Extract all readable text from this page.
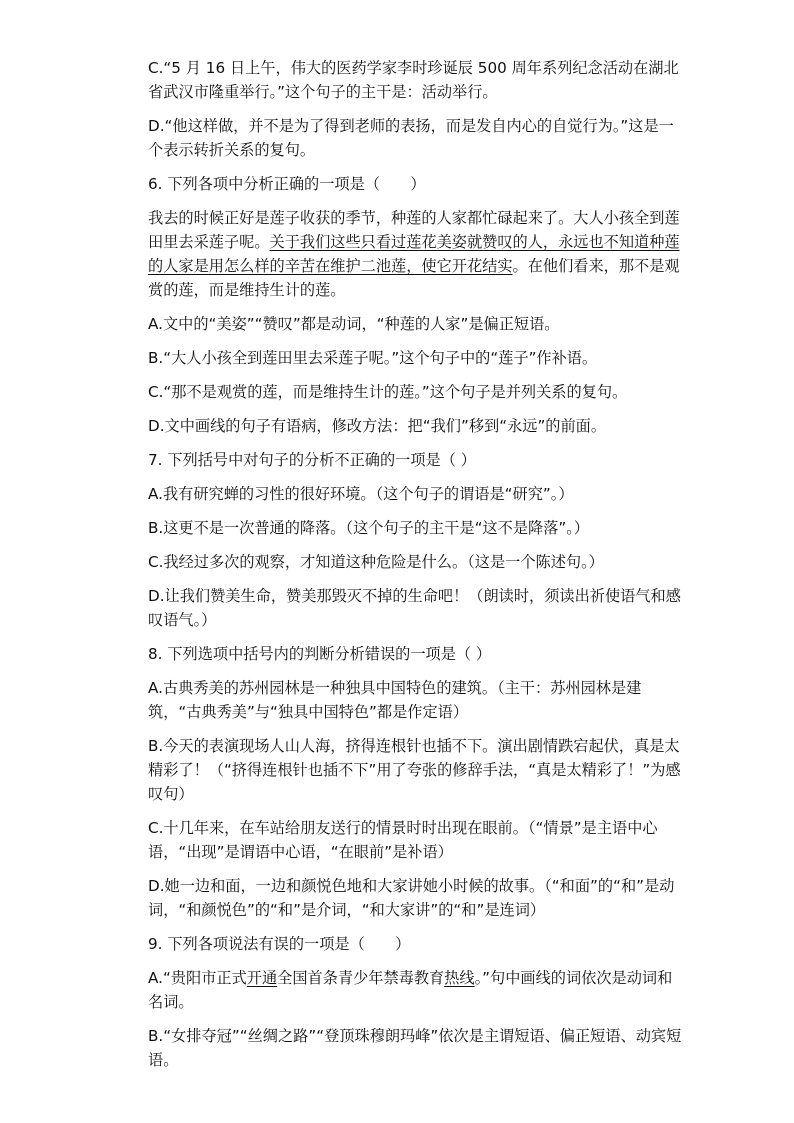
C.“5 月 16 日上午，伟大的医药学家李时珍诞辰 500 周年系列纪念活动在湖北省武汉市隆重举行。”这个句子的主干是：活动举行。

D.“他这样做，并不是为了得到老师的表扬，而是发自内心的自觉行为。”这是一个表示转折关系的复句。

6. 下列各项中分析正确的一项是（　　）

我去的时候正好是莲子收获的季节，种莲的人家都忙碌起来了。大人小孩全到莲田里去采莲子呢。关于我们这些只看过莲花美姿就赞叹的人，永远也不知道种莲的人家是用怎么样的辛苦在维护二池莲，使它开花结实。在他们看来，那不是观赏的莲，而是维持生计的莲。

A.文中的“美姿”“赞叹”都是动词，“种莲的人家”是偏正短语。

B.“大人小孩全到莲田里去采莲子呢。”这个句子中的“莲子”作补语。

C.“那不是观赏的莲，而是维持生计的莲。”这个句子是并列关系的复句。

D.文中画线的句子有语病，修改方法：把“我们”移到“永远”的前面。

7. 下列括号中对句子的分析不正确的一项是（ ）

A.我有研究蝉的习性的很好环境。（这个句子的谓语是“研究”。）

B.这更不是一次普通的降落。（这个句子的主干是“这不是降落”。）

C.我经过多次的观察，才知道这种危险是什么。（这是一个陈述句。）

D.让我们赞美生命，赞美那毁灭不掉的生命吧！（朗读时，须读出祈使语气和感叹语气。）

8. 下列选项中括号内的判断分析错误的一项是（ ）

A.古典秀美的苏州园林是一种独具中国特色的建筑。（主干：苏州园林是建筑，“古典秀美”与“独具中国特色”都是作定语）

B.今天的表演现场人山人海，挤得连根针也插不下。演出剧情跌宕起伏，真是太精彩了！（“挤得连根针也插不下”用了夸张的修辞手法，“真是太精彩了！”为感叹句）

C.十几年来，在车站给朋友送行的情景时时出现在眼前。（“情景”是主语中心语，“出现”是谓语中心语，“在眼前”是补语）

D.她一边和面，一边和颜悦色地和大家讲她小时候的故事。（“和面”的“和”是动词，“和颜悦色”的“和”是介词，“和大家讲”的“和”是连词）

9. 下列各项说法有误的一项是（　　）

A.“贵阳市正式开通全国首条青少年禁毒教育热线。”句中画线的词依次是动词和名词。

B.“女排夺冠”“丝绸之路”“登顶珠穆朗玛峰”依次是主谓短语、偏正短语、动宾短语。
